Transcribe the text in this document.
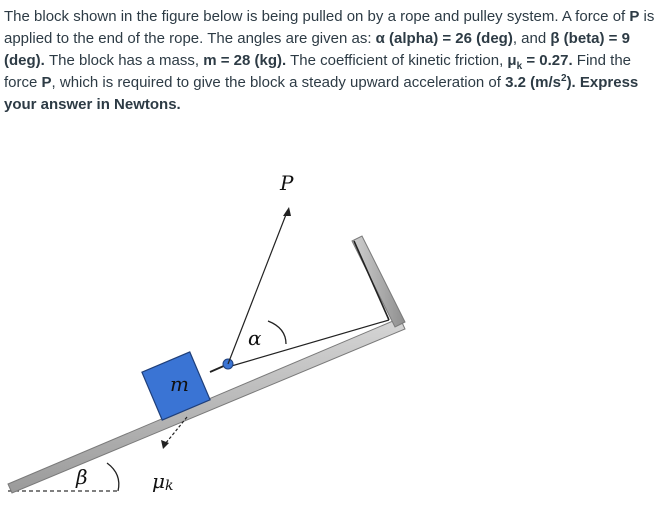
The block shown in the figure below is being pulled on by a rope and pulley system. A force of P is applied to the end of the rope. The angles are given as: α (alpha) = 26 (deg), and β (beta) = 9 (deg). The block has a mass, m = 28 (kg). The coefficient of kinetic friction, $\mu_k = 0.27$. Find the force P, which is required to give the block a steady upward acceleration of 3.2 $(m/s^2)$. Express your answer in Newtons.

β
m
P
α
μk
